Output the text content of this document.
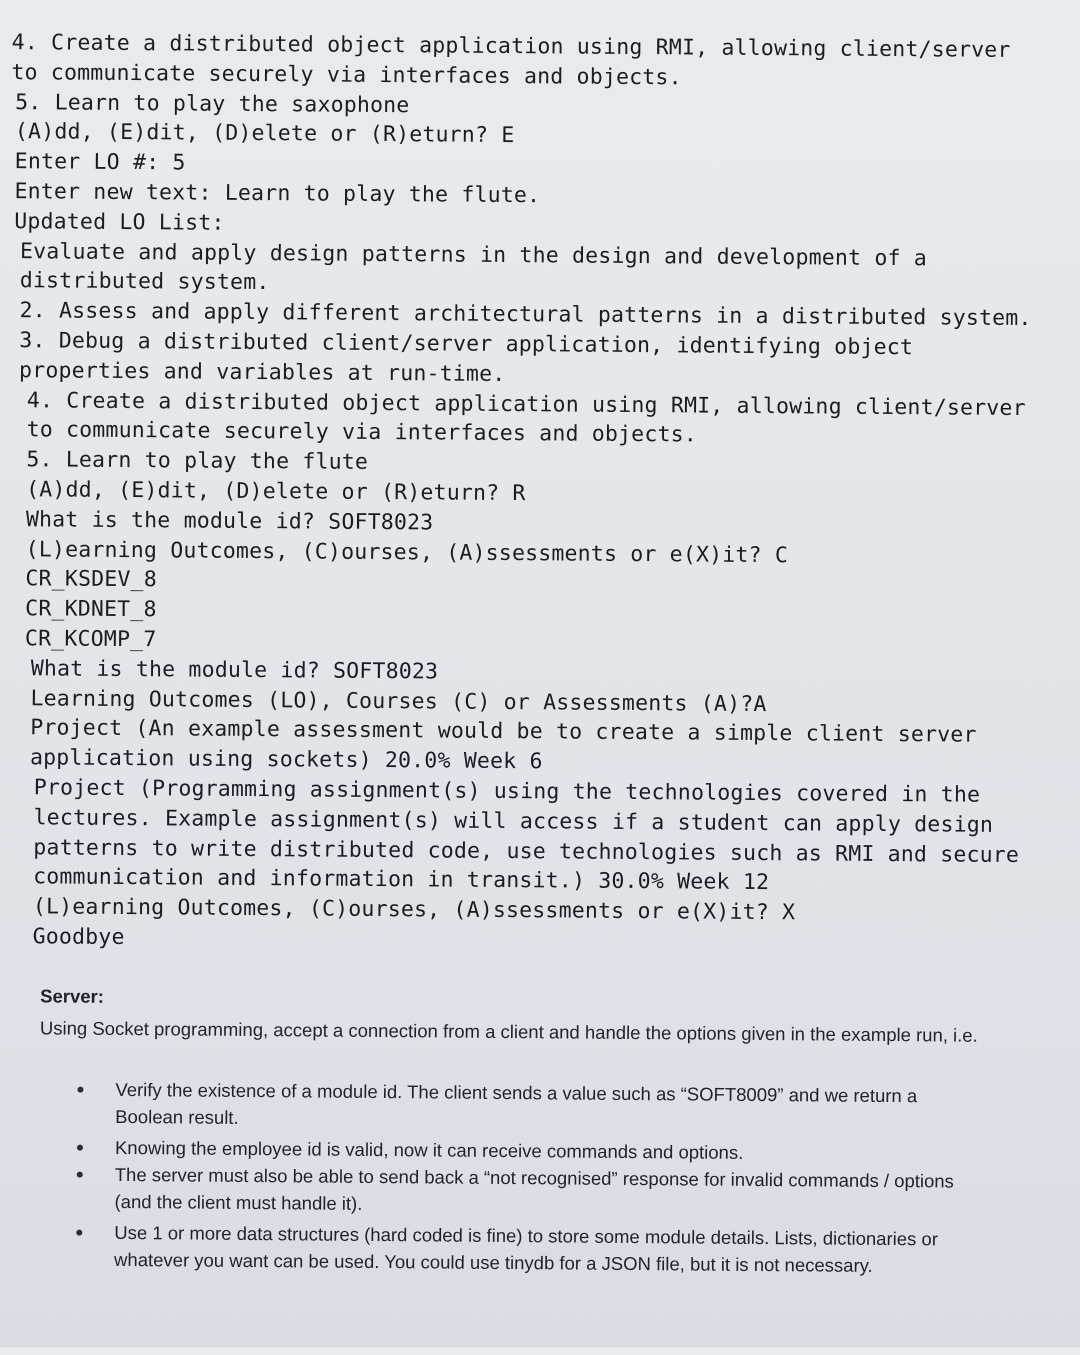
4. Create a distributed object application using RMI, allowing client/server
to communicate securely via interfaces and objects.
5. Learn to play the saxophone
(A)dd, (E)dit, (D)elete or (R)eturn? E
Enter LO #: 5
Enter new text: Learn to play the flute.
Updated LO List:
Evaluate and apply design patterns in the design and development of a
distributed system.
2. Assess and apply different architectural patterns in a distributed system.
3. Debug a distributed client/server application, identifying object
properties and variables at run-time.
4. Create a distributed object application using RMI, allowing client/server
to communicate securely via interfaces and objects.
5. Learn to play the flute
(A)dd, (E)dit, (D)elete or (R)eturn? R
What is the module id? SOFT8023
(L)earning Outcomes, (C)ourses, (A)ssessments or e(X)it? C
CR_KSDEV_8
CR_KDNET_8
CR_KCOMP_7
What is the module id? SOFT8023
Learning Outcomes (LO), Courses (C) or Assessments (A)?A
Project (An example assessment would be to create a simple client server
application using sockets) 20.0% Week 6
Project (Programming assignment(s) using the technologies covered in the
lectures. Example assignment(s) will access if a student can apply design
patterns to write distributed code, use technologies such as RMI and secure
communication and information in transit.) 30.0% Week 12
(L)earning Outcomes, (C)ourses, (A)ssessments or e(X)it? X
Goodbye
Server:
Using Socket programming, accept a connection from a client and handle the options given in the example run, i.e.
Verify the existence of a module id. The client sends a value such as “SOFT8009” and we return a Boolean result.
Knowing the employee id is valid, now it can receive commands and options.
The server must also be able to send back a “not recognised” response for invalid commands / options (and the client must handle it).
Use 1 or more data structures (hard coded is fine) to store some module details. Lists, dictionaries or whatever you want can be used. You could use tinydb for a JSON file, but it is not necessary.
